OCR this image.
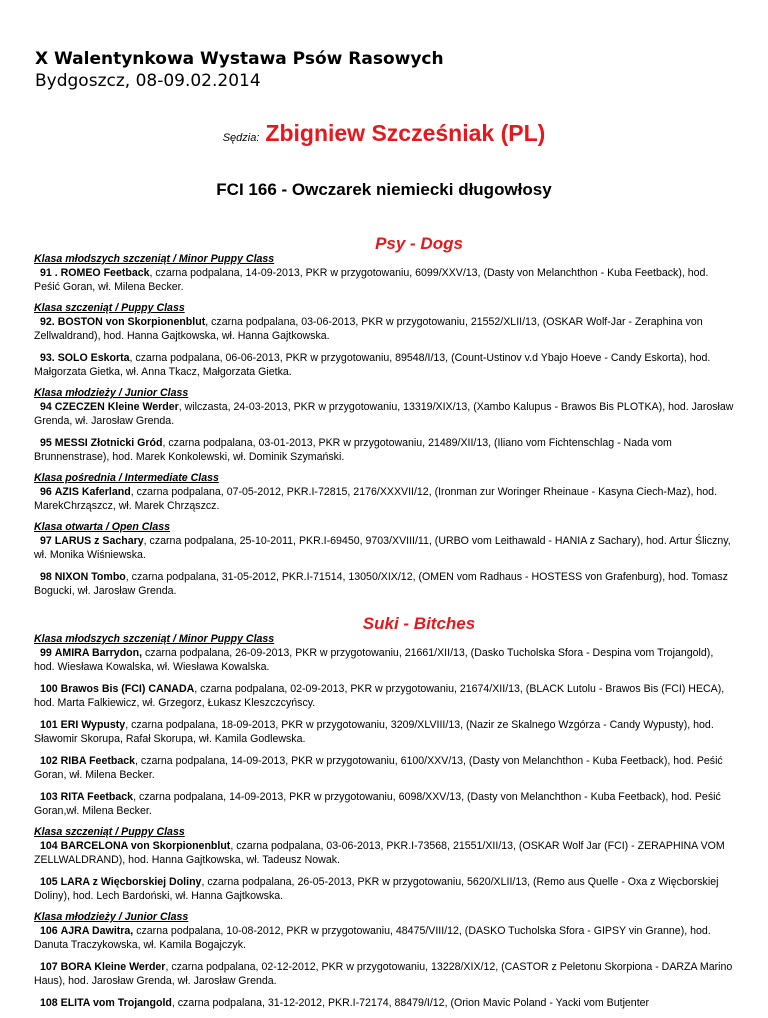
X Walentynkowa Wystawa Psów Rasowych
Bydgoszcz, 08-09.02.2014
Sędzia: Zbigniew Szcześniak (PL)
FCI 166 - Owczarek niemiecki długowłosy
Psy - Dogs
Klasa młodszych szczeniąt / Minor Puppy Class
91 . ROMEO Feetback, czarna podpalana, 14-09-2013, PKR w przygotowaniu, 6099/XXV/13, (Dasty von Melanchthon - Kuba Feetback), hod. Peśić Goran, wł. Milena Becker.
Klasa szczeniąt / Puppy Class
92. BOSTON von Skorpionenblut, czarna podpalana, 03-06-2013, PKR w przygotowaniu, 21552/XLII/13, (OSKAR Wolf-Jar - Zeraphina von Zellwaldrand), hod. Hanna Gajtkowska, wł. Hanna Gajtkowska.
93. SOLO Eskorta, czarna podpalana, 06-06-2013, PKR w przygotowaniu, 89548/I/13, (Count-Ustinov v.d Ybajo Hoeve - Candy Eskorta), hod. Małgorzata Gietka, wł. Anna Tkacz, Małgorzata Gietka.
Klasa młodzieży / Junior Class
94 CZECZEN Kleine Werder, wilczasta, 24-03-2013, PKR w przygotowaniu, 13319/XIX/13, (Xambo Kalupus - Brawos Bis PLOTKA), hod. Jarosław Grenda, wł. Jarosław Grenda.
95 MESSI Złotnicki Gród, czarna podpalana, 03-01-2013, PKR w przygotowaniu, 21489/XII/13, (Iliano vom Fichtenschlag - Nada vom Brunnenstrase), hod. Marek Konkolewski, wł. Dominik Szymański.
Klasa pośrednia / Intermediate Class
96 AZIS Kaferland, czarna podpalana, 07-05-2012, PKR.I-72815, 2176/XXXVII/12, (Ironman zur Woringer Rheinaue - Kasyna Ciech-Maz), hod. MarekChrząszcz, wł. Marek Chrząszcz.
Klasa otwarta / Open Class
97 LARUS z Sachary, czarna podpalana, 25-10-2011, PKR.I-69450, 9703/XVIII/11, (URBO vom Leithawald - HANIA z Sachary), hod. Artur Śliczny, wł. Monika Wiśniewska.
98 NIXON Tombo, czarna podpalana, 31-05-2012, PKR.I-71514, 13050/XIX/12, (OMEN vom Radhaus - HOSTESS von Grafenburg), hod. Tomasz Bogucki, wł. Jarosław Grenda.
Suki - Bitches
Klasa młodszych szczeniąt / Minor Puppy Class
99 AMIRA Barrydon, czarna podpalana, 26-09-2013, PKR w przygotowaniu, 21661/XII/13, (Dasko Tucholska Sfora - Despina vom Trojangold), hod. Wiesława Kowalska, wł. Wiesława Kowalska.
100 Brawos Bis (FCI) CANADA, czarna podpalana, 02-09-2013, PKR w przygotowaniu, 21674/XII/13, (BLACK Lutolu - Brawos Bis (FCI) HECA), hod. Marta Falkiewicz, wł. Grzegorz, Łukasz Kleszczcyńscy.
101 ERI Wypusty, czarna podpalana, 18-09-2013, PKR w przygotowaniu, 3209/XLVIII/13, (Nazir ze Skalnego Wzgórza - Candy Wypusty), hod. Sławomir Skorupa, Rafał Skorupa, wł. Kamila Godlewska.
102 RIBA Feetback, czarna podpalana, 14-09-2013, PKR w przygotowaniu, 6100/XXV/13, (Dasty von Melanchthon - Kuba Feetback), hod. Peśić Goran, wł. Milena Becker.
103 RITA Feetback, czarna podpalana, 14-09-2013, PKR w przygotowaniu, 6098/XXV/13, (Dasty von Melanchthon - Kuba Feetback), hod. Peśić Goran,wł. Milena Becker.
Klasa szczeniąt / Puppy Class
104 BARCELONA von Skorpionenblut, czarna podpalana, 03-06-2013, PKR.I-73568, 21551/XII/13, (OSKAR Wolf Jar (FCI) - ZERAPHINA VOM ZELLWALDRAND), hod. Hanna Gajtkowska, wł. Tadeusz Nowak.
105 LARA z Więcborskiej Doliny, czarna podpalana, 26-05-2013, PKR w przygotowaniu, 5620/XLII/13, (Remo aus Quelle - Oxa z Więcborskiej Doliny), hod. Lech Bardoński, wł. Hanna Gajtkowska.
Klasa młodzieży / Junior Class
106 AJRA Dawitra, czarna podpalana, 10-08-2012, PKR w przygotowaniu, 48475/VIII/12, (DASKO Tucholska Sfora - GIPSY vin Granne), hod. Danuta Traczykowska, wł. Kamila Bogajczyk.
107 BORA Kleine Werder, czarna podpalana, 02-12-2012, PKR w przygotowaniu, 13228/XIX/12, (CASTOR z Peletonu Skorpiona - DARZA Marino Haus), hod. Jarosław Grenda, wł. Jarosław Grenda.
108 ELITA vom Trojangold, czarna podpalana, 31-12-2012, PKR.I-72174, 88479/I/12, (Orion Mavic Poland - Yacki vom Butjenter
